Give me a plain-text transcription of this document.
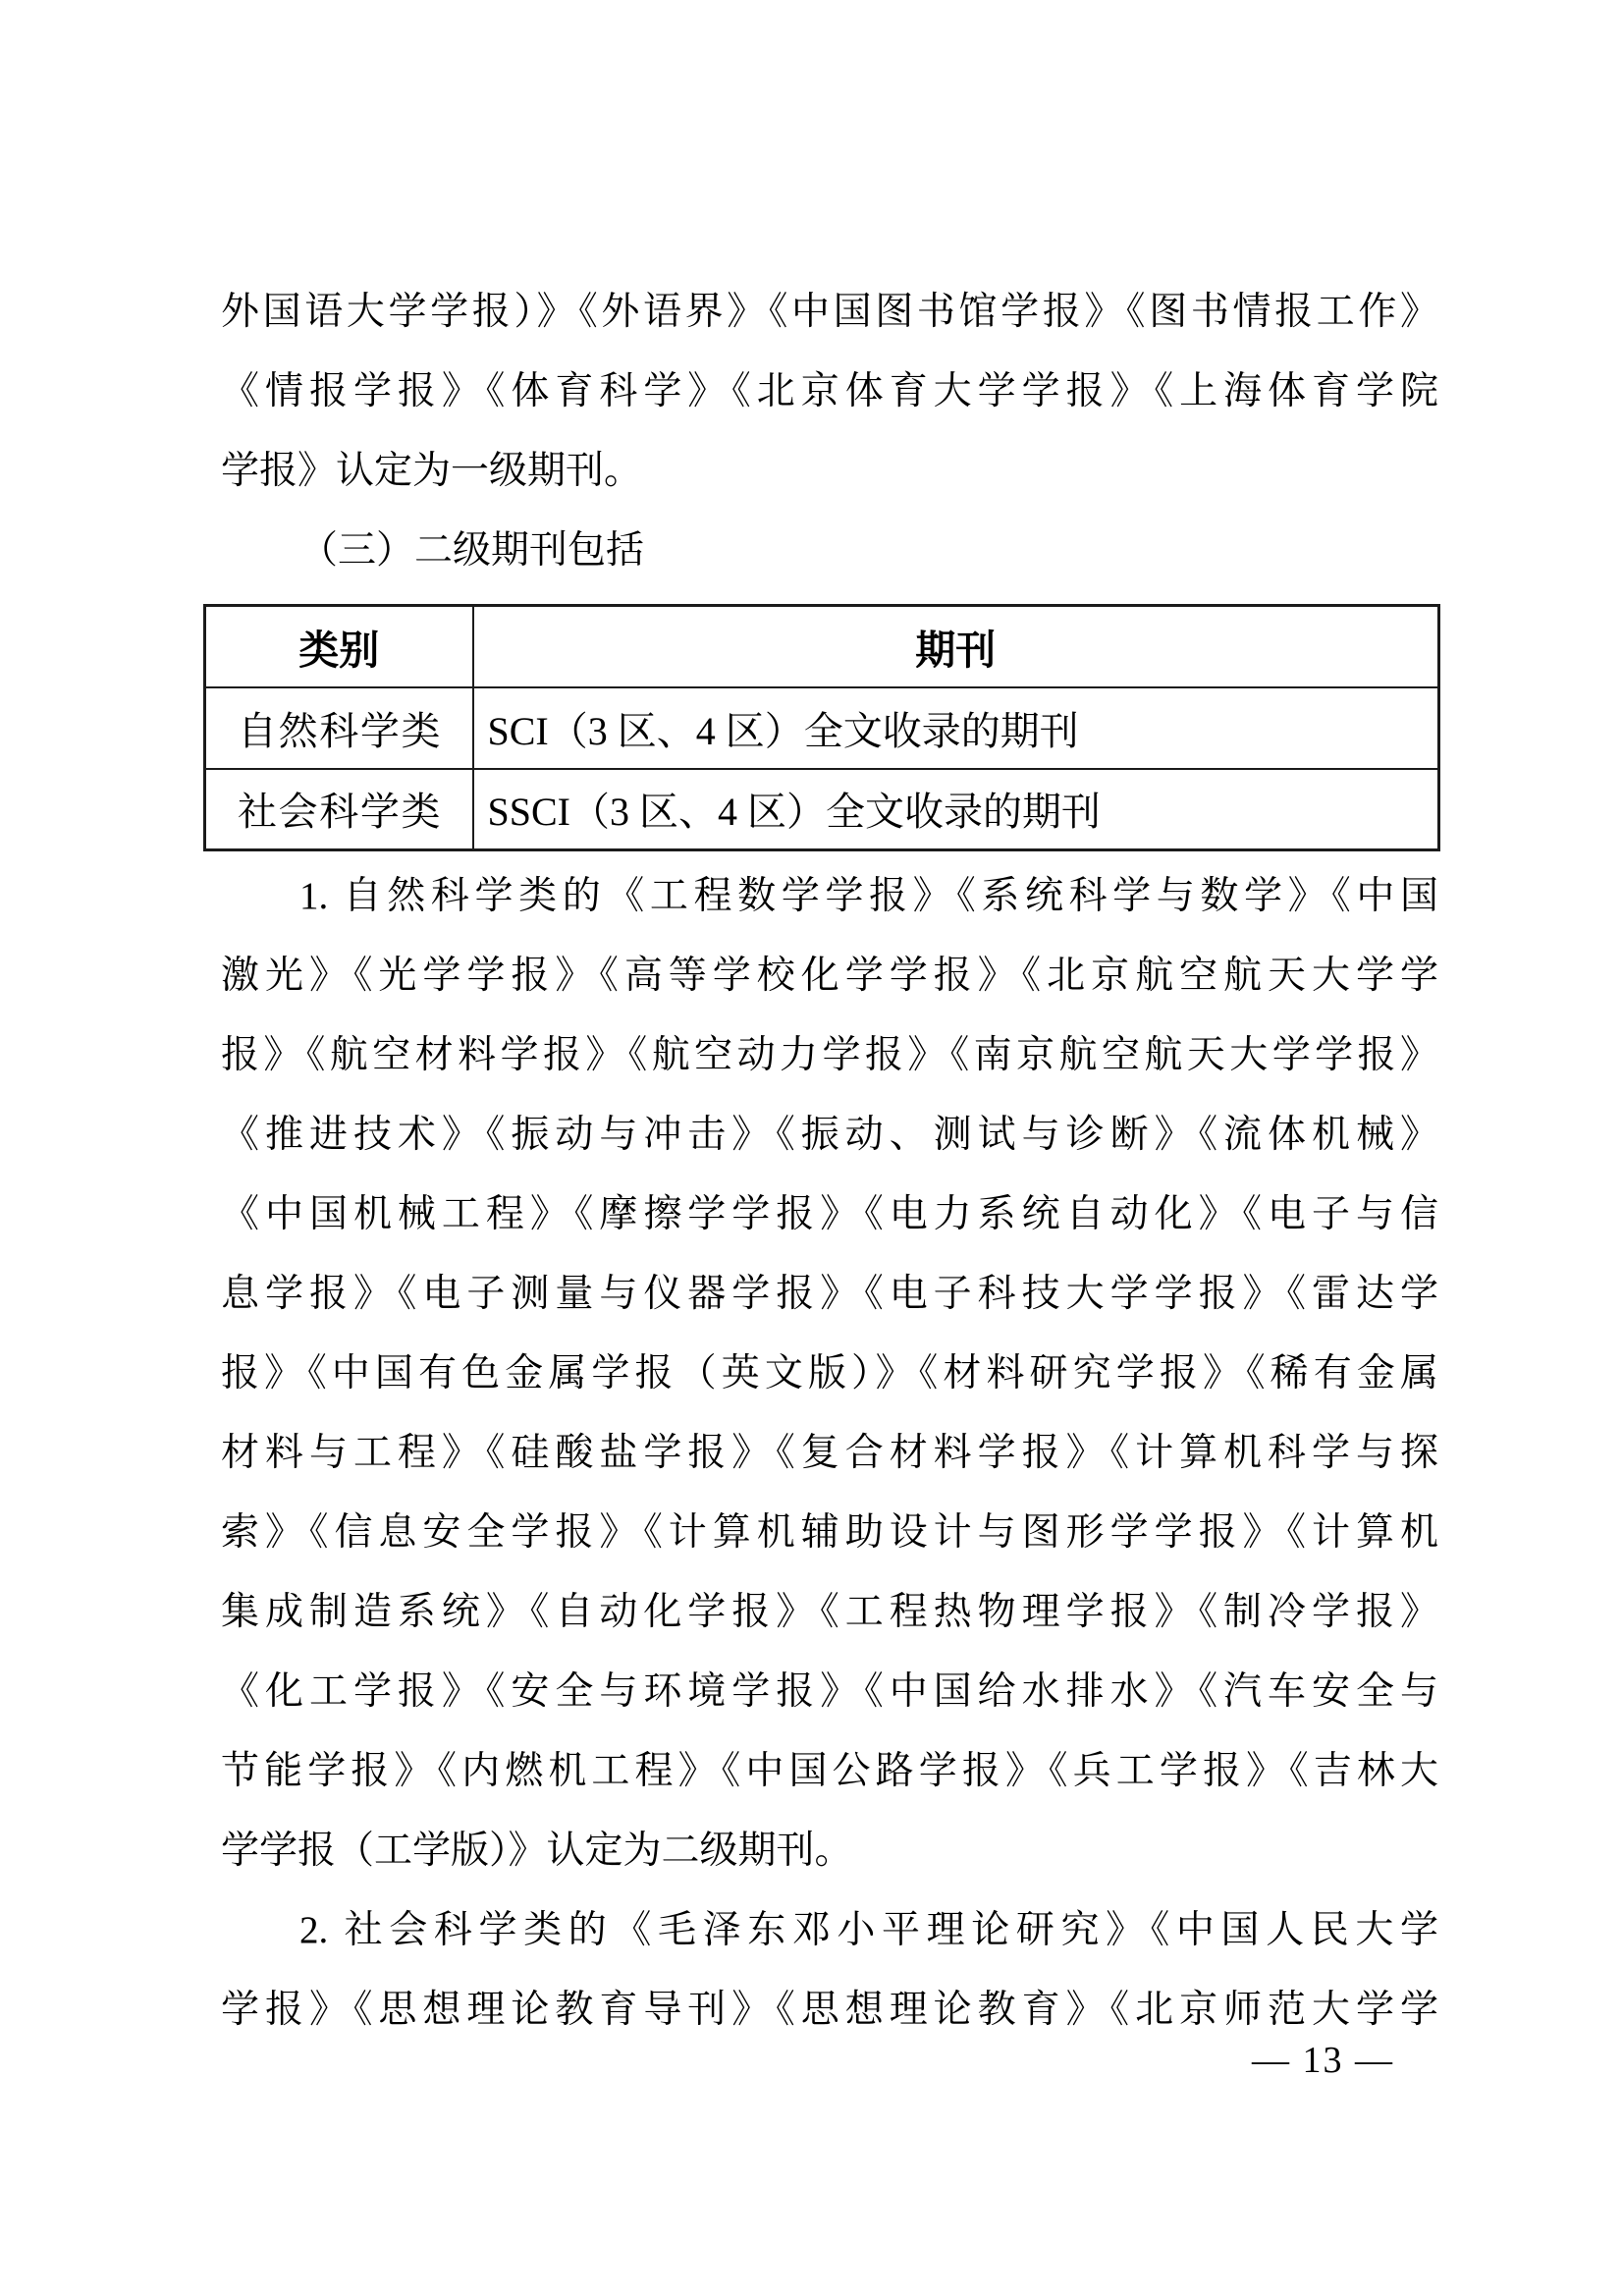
外国语大学学报）》《外语界》《中国图书馆学报》《图书情报工作》
《情报学报》《体育科学》《北京体育大学学报》《上海体育学院
学报》认定为一级期刊。
（三）二级期刊包括
类别	期刊
自然科学类	SCI（3 区、4 区）全文收录的期刊
社会科学类	SSCI（3 区、4 区）全文收录的期刊
1. 自然科学类的《工程数学学报》《系统科学与数学》《中国
激光》《光学学报》《高等学校化学学报》《北京航空航天大学学
报》《航空材料学报》《航空动力学报》《南京航空航天大学学报》
《推进技术》《振动与冲击》《振动、测试与诊断》《流体机械》
《中国机械工程》《摩擦学学报》《电力系统自动化》《电子与信
息学报》《电子测量与仪器学报》《电子科技大学学报》《雷达学
报》《中国有色金属学报（英文版）》《材料研究学报》《稀有金属
材料与工程》《硅酸盐学报》《复合材料学报》《计算机科学与探
索》《信息安全学报》《计算机辅助设计与图形学学报》《计算机
集成制造系统》《自动化学报》《工程热物理学报》《制冷学报》
《化工学报》《安全与环境学报》《中国给水排水》《汽车安全与
节能学报》《内燃机工程》《中国公路学报》《兵工学报》《吉林大
学学报（工学版）》认定为二级期刊。
2. 社会科学类的《毛泽东邓小平理论研究》《中国人民大学
学报》《思想理论教育导刊》《思想理论教育》《北京师范大学学
— 13 —
